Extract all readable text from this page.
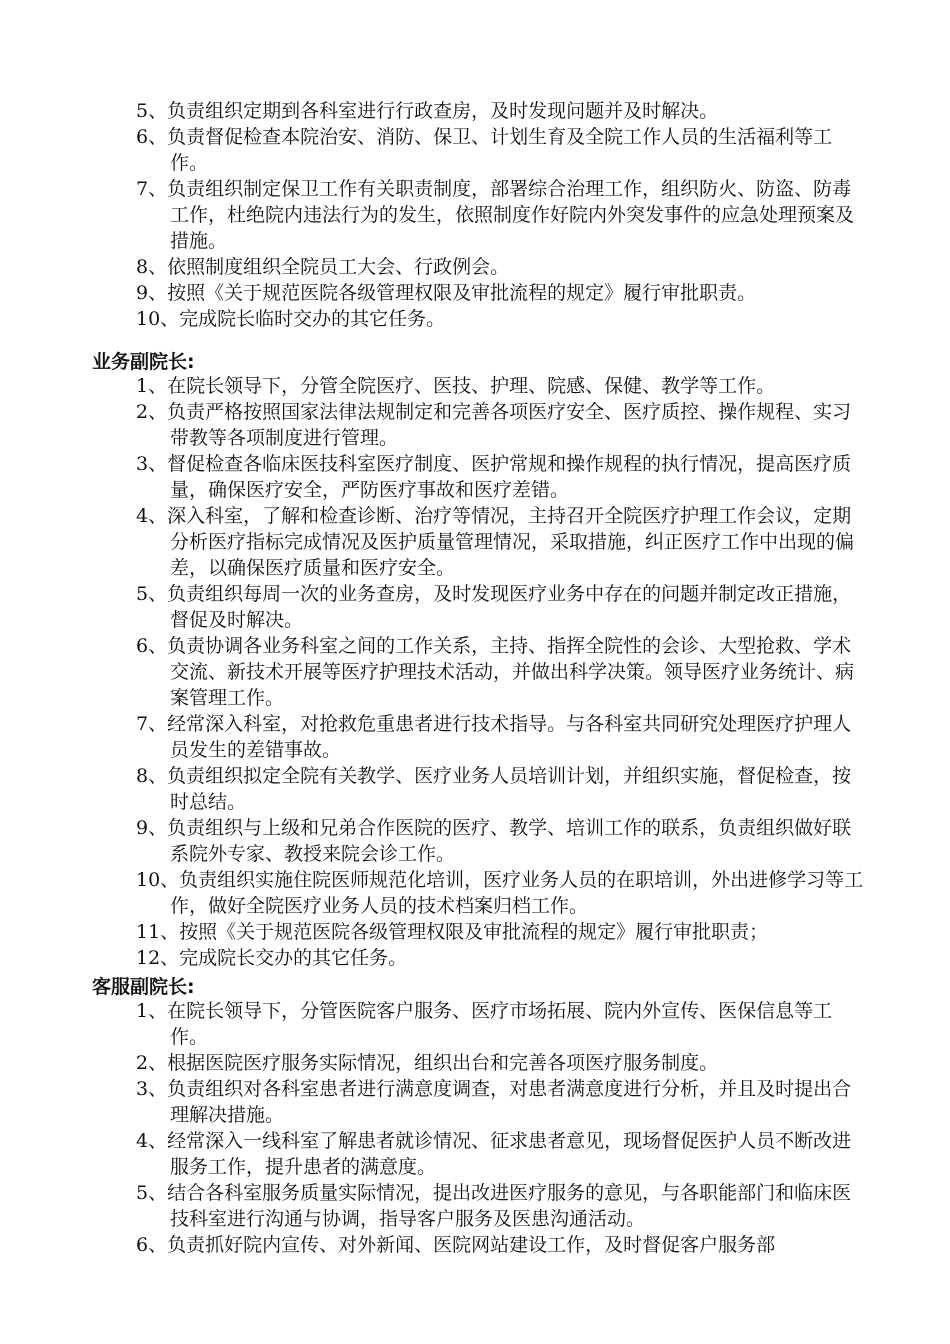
5、负责组织定期到各科室进行行政查房，及时发现问题并及时解决。
6、负责督促检查本院治安、消防、保卫、计划生育及全院工作人员的生活福利等工作。
7、负责组织制定保卫工作有关职责制度，部署综合治理工作，组织防火、防盗、防毒工作，杜绝院内违法行为的发生，依照制度作好院内外突发事件的应急处理预案及措施。
8、依照制度组织全院员工大会、行政例会。
9、按照《关于规范医院各级管理权限及审批流程的规定》履行审批职责。
10、完成院长临时交办的其它任务。
业务副院长:
1、在院长领导下，分管全院医疗、医技、护理、院感、保健、教学等工作。
2、负责严格按照国家法律法规制定和完善各项医疗安全、医疗质控、操作规程、实习带教等各项制度进行管理。
3、督促检查各临床医技科室医疗制度、医护常规和操作规程的执行情况，提高医疗质量，确保医疗安全，严防医疗事故和医疗差错。
4、深入科室，了解和检查诊断、治疗等情况，主持召开全院医疗护理工作会议，定期分析医疗指标完成情况及医护质量管理情况，采取措施，纠正医疗工作中出现的偏差，以确保医疗质量和医疗安全。
5、负责组织每周一次的业务查房，及时发现医疗业务中存在的问题并制定改正措施，督促及时解决。
6、负责协调各业务科室之间的工作关系，主持、指挥全院性的会诊、大型抢救、学术交流、新技术开展等医疗护理技术活动，并做出科学决策。领导医疗业务统计、病案管理工作。
7、经常深入科室，对抢救危重患者进行技术指导。与各科室共同研究处理医疗护理人员发生的差错事故。
8、负责组织拟定全院有关教学、医疗业务人员培训计划，并组织实施，督促检查，按时总结。
9、负责组织与上级和兄弟合作医院的医疗、教学、培训工作的联系，负责组织做好联系院外专家、教授来院会诊工作。
10、负责组织实施住院医师规范化培训，医疗业务人员的在职培训，外出进修学习等工作，做好全院医疗业务人员的技术档案归档工作。
11、按照《关于规范医院各级管理权限及审批流程的规定》履行审批职责；
12、完成院长交办的其它任务。
客服副院长:
1、在院长领导下，分管医院客户服务、医疗市场拓展、院内外宣传、医保信息等工作。
2、根据医院医疗服务实际情况，组织出台和完善各项医疗服务制度。
3、负责组织对各科室患者进行满意度调查，对患者满意度进行分析，并且及时提出合理解决措施。
4、经常深入一线科室了解患者就诊情况、征求患者意见，现场督促医护人员不断改进服务工作，提升患者的满意度。
5、结合各科室服务质量实际情况，提出改进医疗服务的意见，与各职能部门和临床医技科室进行沟通与协调，指导客户服务及医患沟通活动。
6、负责抓好院内宣传、对外新闻、医院网站建设工作，及时督促客户服务部
